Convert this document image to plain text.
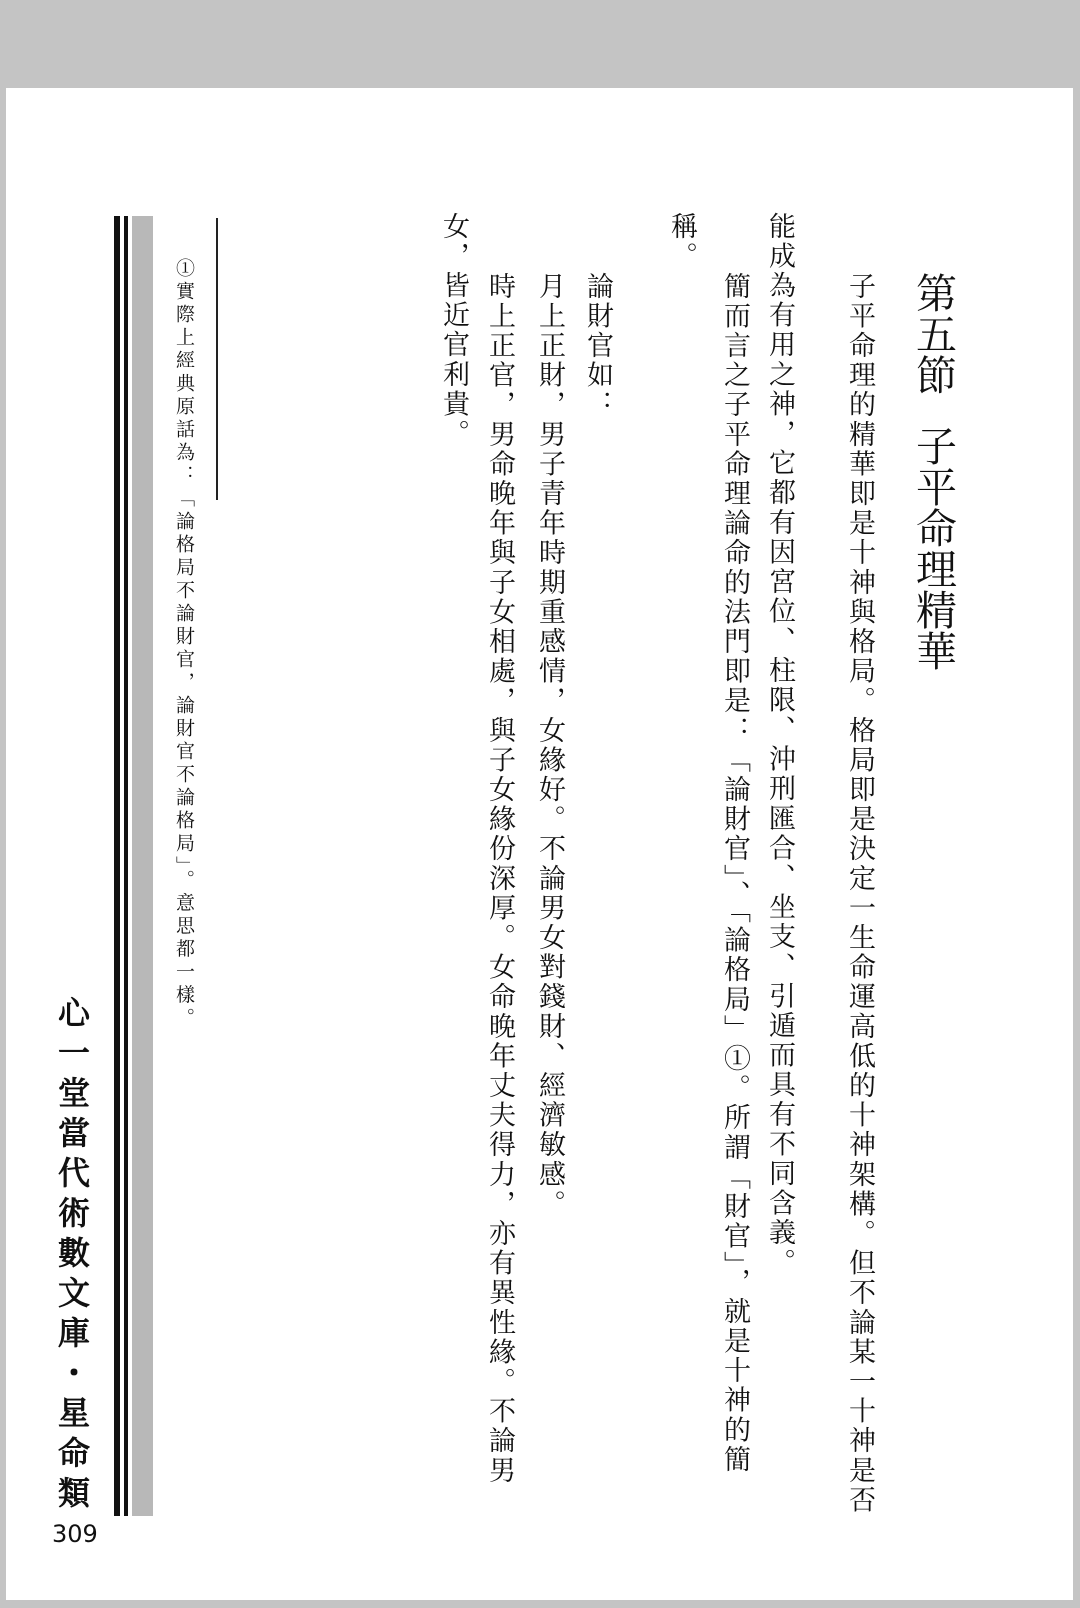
第五節子平命理精華
子平命理的精華即是十神與格局。格局即是決定一生命運高低的十神架構。但不論某一十神是否
能成為有用之神，它都有因宮位、柱限、沖刑匯合、坐支、引遁而具有不同含義。
簡而言之子平命理論命的法門即是：「論財官」、「論格局」①。所謂「財官」，就是十神的簡
稱。
論財官如：
月上正財，男子青年時期重感情，女緣好。不論男女對錢財、經濟敏感。
時上正官，男命晚年與子女相處，與子女緣份深厚。女命晚年丈夫得力，亦有異性緣。不論男
女，皆近官利貴。
①實際上經典原話為：「論格局不論財官，論財官不論格局」。意思都一樣。
心一堂當代術數文庫・星命類
309
